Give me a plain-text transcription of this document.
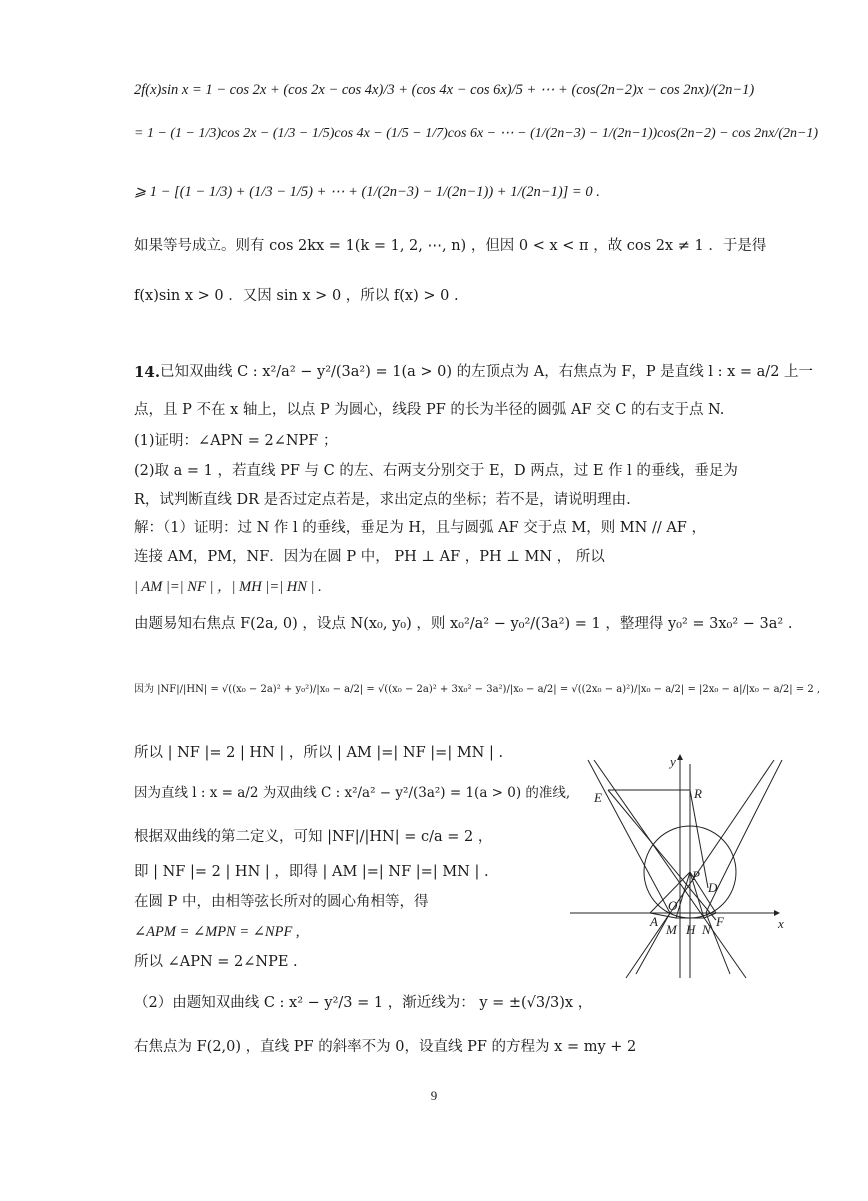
2f(x)sin x = 1 − cos 2x + (cos 2x − cos 4x)/3 + (cos 4x − cos 6x)/5 + ⋯ + (cos(2n−2)x − cos 2nx)/(2n−1)
= 1 − (1 − 1/3)cos 2x − (1/3 − 1/5)cos 4x − (1/5 − 1/7)cos 6x − ⋯ − (1/(2n−3) − 1/(2n−1))cos(2n−2) − cos 2nx/(2n−1)
⩾ 1 − [(1 − 1/3) + (1/3 − 1/5) + ⋯ + (1/(2n−3) − 1/(2n−1)) + 1/(2n−1)] = 0 .
如果等号成立。则有 cos 2kx = 1(k = 1, 2, ⋯, n) ，但因 0 < x < π ，故 cos 2x ≠ 1 ．于是得
f(x)sin x > 0 ．又因 sin x > 0 ，所以 f(x) > 0 .
14. 已知双曲线 C : x²/a² − y²/(3a²) = 1(a > 0) 的左顶点为 A，右焦点为 F，P 是直线 l : x = a/2 上一
点，且 P 不在 x 轴上，以点 P 为圆心，线段 PF 的长为半径的圆弧 AF 交 C 的右支于点 N.
(1)证明：∠APN = 2∠NPF ；
(2)取 a = 1 ，若直线 PF 与 C 的左、右两支分别交于 E，D 两点，过 E 作 l 的垂线，垂足为
R，试判断直线 DR 是否过定点若是，求出定点的坐标；若不是，请说明理由.
解：（1）证明：过 N 作 l 的垂线，垂足为 H，且与圆弧 AF 交于点 M，则 MN // AF ，
连接 AM，PM，NF．因为在圆 P 中， PH ⊥ AF ，PH ⊥ MN ， 所以
| AM |=| NF | ，| MH |=| HN | .
由题易知右焦点 F(2a, 0) ，设点 N(x₀, y₀) ，则 x₀²/a² − y₀²/(3a²) = 1 ，整理得 y₀² = 3x₀² − 3a² .
因为 |NF|/|HN| = √((x₀ − 2a)² + y₀²)/|x₀ − a/2| = √((x₀ − 2a)² + 3x₀² − 3a²)/|x₀ − a/2| = √((2x₀ − a)²)/|x₀ − a/2| = |2x₀ − a|/|x₀ − a/2| = 2 ,
所以 | NF |= 2 | HN | ，所以 | AM |=| NF |=| MN | .
因为直线 l : x = a/2 为双曲线 C : x²/a² − y²/(3a²) = 1(a > 0) 的准线,
根据双曲线的第二定义，可知 |NF|/|HN| = c/a = 2 ，
即 | NF |= 2 | HN | ，即得 | AM |=| NF |=| MN | .
在圆 P 中，由相等弦长所对的圆心角相等，得
∠APM = ∠MPN = ∠NPF ,
所以 ∠APN = 2∠NPE .
（2）由题知双曲线 C : x² − y²/3 = 1 ，渐近线为： y = ±(√3/3)x ，
右焦点为 F(2,0) ，直线 PF 的斜率不为 0，设直线 PF 的方程为 x = my + 2
y
x
E	R
P
D
O
A
M H N
F
9
